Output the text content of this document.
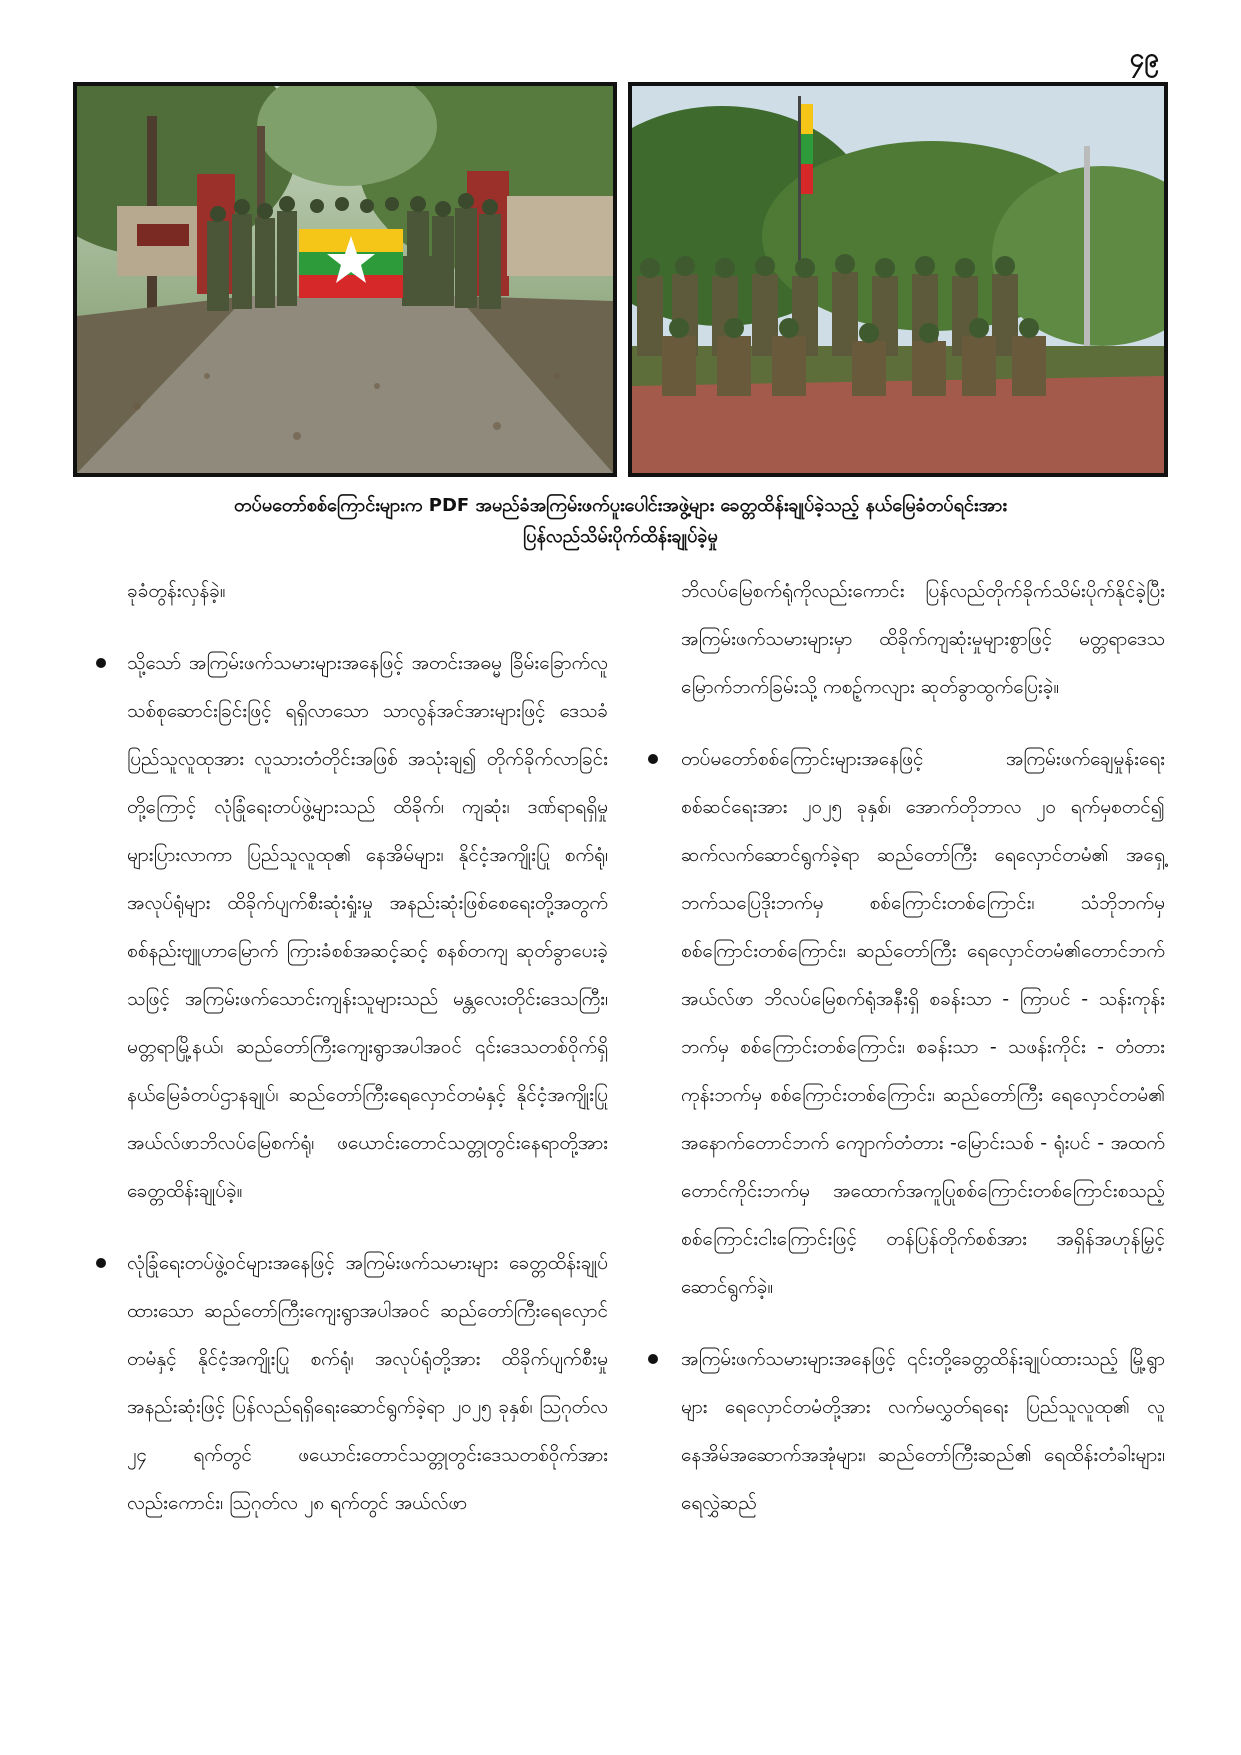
၄၉
တပ်မတော်စစ်ကြောင်းများက PDF အမည်ခံအကြမ်းဖက်ပူးပေါင်းအဖွဲ့များ ခေတ္တထိန်းချုပ်ခဲ့သည့် နယ်မြေခံတပ်ရင်းအား
ပြန်လည်သိမ်းပိုက်ထိန်းချုပ်ခဲ့မှု

ခုခံတွန်းလှန်ခဲ့။

သို့သော် အကြမ်းဖက်သမားများအနေဖြင့် အတင်းအဓမ္မ ခြိမ်းခြောက်လူသစ်စုဆောင်းခြင်းဖြင့် ရရှိလာသော သာလွန်အင်အားများဖြင့် ဒေသခံပြည်သူလူထုအား လူသားတံတိုင်းအဖြစ် အသုံးချ၍ တိုက်ခိုက်လာခြင်းတို့ကြောင့် လုံခြုံရေးတပ်ဖွဲ့များသည် ထိခိုက်၊ ကျဆုံး၊ ဒဏ်ရာရရှိမှု များပြားလာကာ ပြည်သူလူထု၏ နေအိမ်များ၊ နိုင်ငံ့အကျိုးပြု စက်ရုံ၊ အလုပ်ရုံများ ထိခိုက်ပျက်စီးဆုံးရှုံးမှု အနည်းဆုံးဖြစ်စေရေးတို့အတွက် စစ်နည်းဗျူဟာမြောက် ကြားခံစစ်အဆင့်ဆင့် စနစ်တကျ ဆုတ်ခွာပေးခဲ့သဖြင့် အကြမ်းဖက်သောင်းကျန်းသူများသည် မန္တလေးတိုင်းဒေသကြီး၊ မတ္တရာမြို့နယ်၊ ဆည်တော်ကြီးကျေးရွာအပါအဝင် ၎င်းဒေသတစ်ဝိုက်ရှိ နယ်မြေခံတပ်ဌာနချုပ်၊ ဆည်တော်ကြီးရေလှောင်တမံနှင့် နိုင်ငံ့အကျိုးပြု အယ်လ်ဖာဘိလပ်မြေစက်ရုံ၊ ဖယောင်းတောင်သတ္တုတွင်းနေရာတို့အား ခေတ္တထိန်းချုပ်ခဲ့။
လုံခြုံရေးတပ်ဖွဲ့ဝင်များအနေဖြင့် အကြမ်းဖက်သမားများ ခေတ္တထိန်းချုပ်ထားသော ဆည်တော်ကြီးကျေးရွာအပါအဝင် ဆည်တော်ကြီးရေလှောင်တမံနှင့် နိုင်ငံ့အကျိုးပြု စက်ရုံ၊ အလုပ်ရုံတို့အား ထိခိုက်ပျက်စီးမှုအနည်းဆုံးဖြင့် ပြန်လည်ရရှိရေးဆောင်ရွက်ခဲ့ရာ ၂၀၂၅ ခုနှစ်၊ ဩဂုတ်လ ၂၄ ရက်တွင် ဖယောင်းတောင်သတ္တုတွင်းဒေသတစ်ဝိုက်အားလည်းကောင်း၊ ဩဂုတ်လ ၂၈ ရက်တွင် အယ်လ်ဖာ

ဘိလပ်မြေစက်ရုံကိုလည်းကောင်း ပြန်လည်တိုက်ခိုက်သိမ်းပိုက်နိုင်ခဲ့ပြီး အကြမ်းဖက်သမားများမှာ ထိခိုက်ကျဆုံးမှုများစွာဖြင့် မတ္တရာဒေသ မြောက်ဘက်ခြမ်းသို့ ကစဉ့်ကလျား ဆုတ်ခွာထွက်ပြေးခဲ့။

တပ်မတော်စစ်ကြောင်းများအနေဖြင့် အကြမ်းဖက်ချေမှုန်းရေးစစ်ဆင်ရေးအား ၂၀၂၅ ခုနှစ်၊ အောက်တိုဘာလ ၂၀ ရက်မှစတင်၍ ဆက်လက်ဆောင်ရွက်ခဲ့ရာ ဆည်တော်ကြီး ရေလှောင်တမံ၏ အရှေ့ဘက်သပြေဒိုးဘက်မှ စစ်ကြောင်းတစ်ကြောင်း၊ သံဘိုဘက်မှ စစ်ကြောင်းတစ်ကြောင်း၊ ဆည်တော်ကြီး ရေလှောင်တမံ၏တောင်ဘက် အယ်လ်ဖာ ဘိလပ်မြေစက်ရုံအနီးရှိ စခန်းသာ - ကြာပင် - သန်းကုန်းဘက်မှ စစ်ကြောင်းတစ်ကြောင်း၊ စခန်းသာ - သဖန်းကိုင်း - တံတားကုန်းဘက်မှ စစ်ကြောင်းတစ်ကြောင်း၊ ဆည်တော်ကြီး ရေလှောင်တမံ၏ အနောက်တောင်ဘက် ကျောက်တံတား -မြောင်းသစ် - ရုံးပင် - အထက် တောင်ကိုင်းဘက်မှ အထောက်အကူပြုစစ်ကြောင်းတစ်ကြောင်းစသည့် စစ်ကြောင်းငါးကြောင်းဖြင့် တန်ပြန်တိုက်စစ်အား အရှိန်အဟုန်မြှင့်ဆောင်ရွက်ခဲ့။
အကြမ်းဖက်သမားများအနေဖြင့် ၎င်းတို့ခေတ္တထိန်းချုပ်ထားသည့် မြို့ရွာများ ရေလှောင်တမံတို့အား လက်မလွှတ်ရရေး ပြည်သူလူထု၏ လူနေအိမ်အဆောက်အအုံများ၊ ဆည်တော်ကြီးဆည်၏ ရေထိန်းတံခါးများ၊ ရေလွှဲဆည်
